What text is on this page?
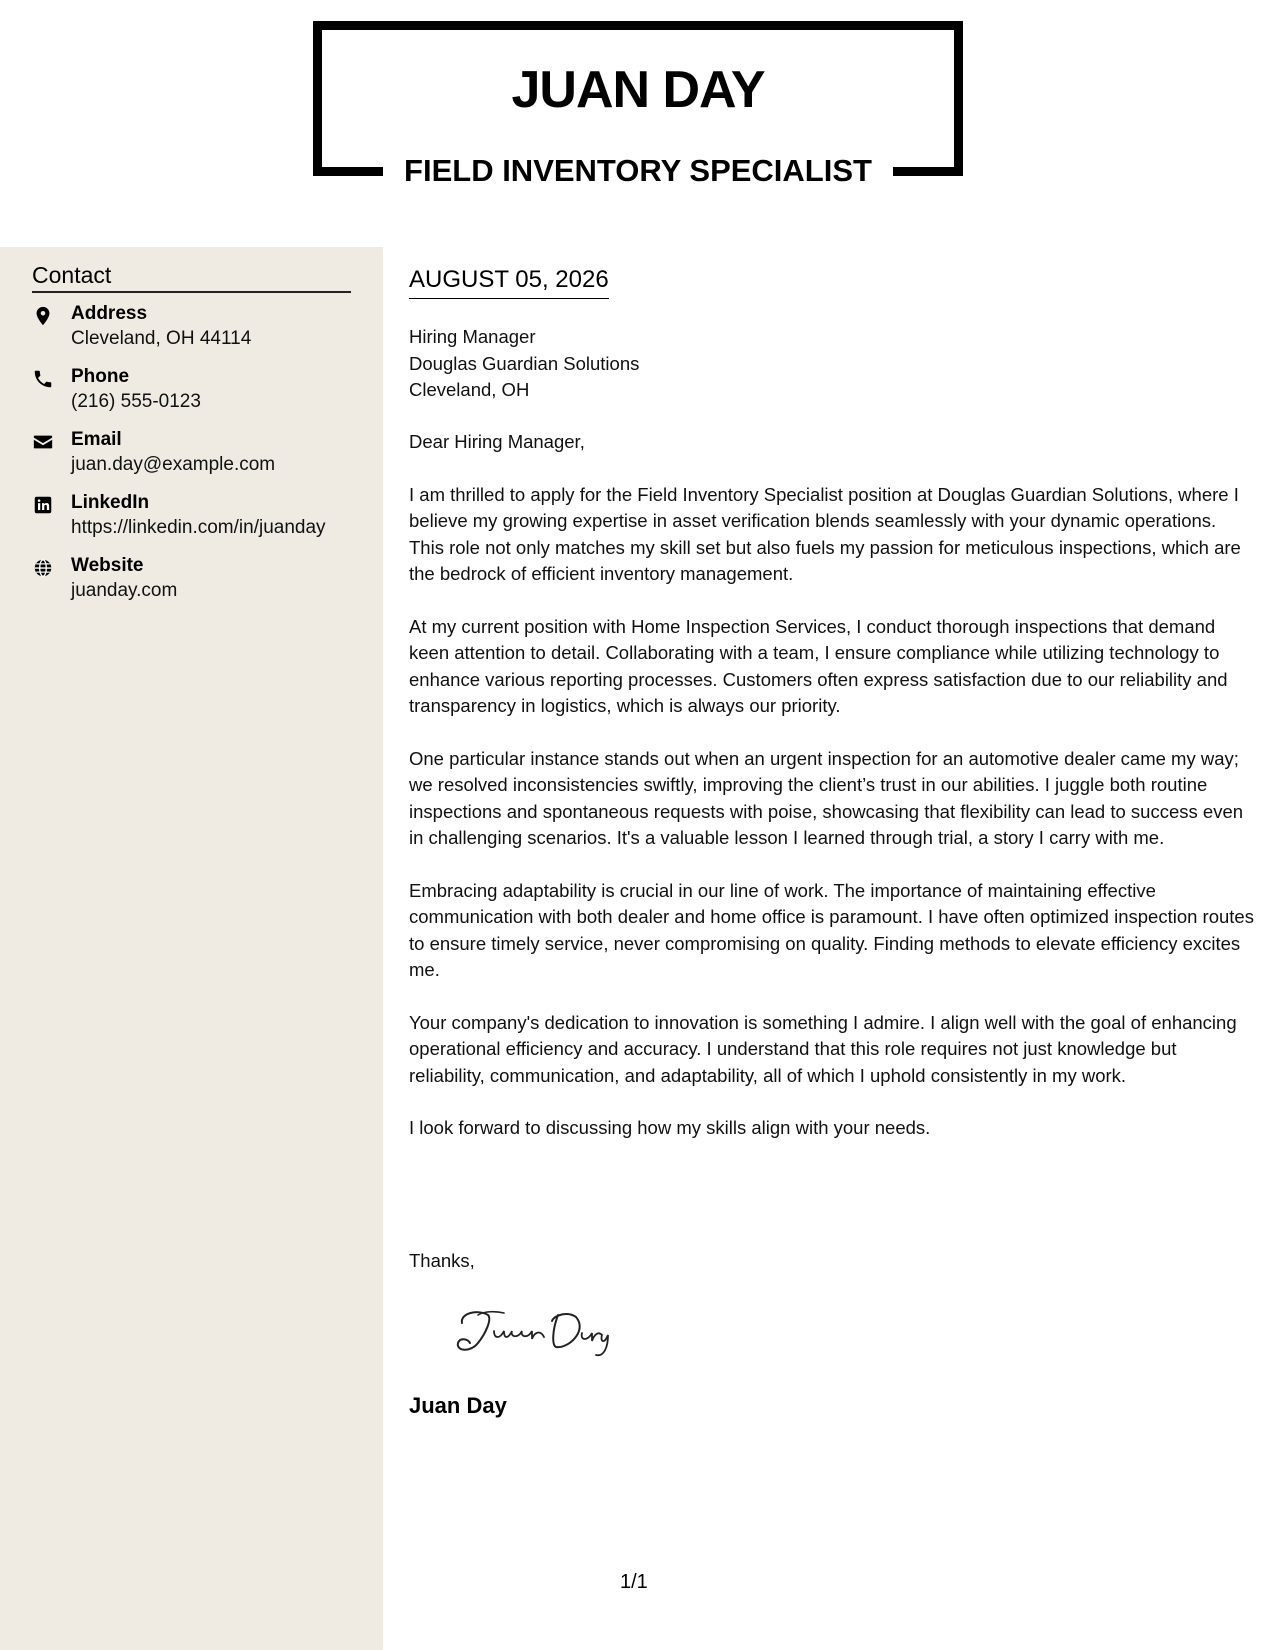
JUAN DAY
FIELD INVENTORY SPECIALIST
Contact
Address
Cleveland, OH 44114
Phone
(216) 555-0123
Email
juan.day@example.com
LinkedIn
https://linkedin.com/in/juanday
Website
juanday.com
AUGUST 05, 2026
Hiring Manager
Douglas Guardian Solutions
Cleveland, OH

Dear Hiring Manager,

I am thrilled to apply for the Field Inventory Specialist position at Douglas Guardian Solutions, where I believe my growing expertise in asset verification blends seamlessly with your dynamic operations. This role not only matches my skill set but also fuels my passion for meticulous inspections, which are the bedrock of efficient inventory management.

At my current position with Home Inspection Services, I conduct thorough inspections that demand keen attention to detail. Collaborating with a team, I ensure compliance while utilizing technology to enhance various reporting processes. Customers often express satisfaction due to our reliability and transparency in logistics, which is always our priority.

One particular instance stands out when an urgent inspection for an automotive dealer came my way; we resolved inconsistencies swiftly, improving the client’s trust in our abilities. I juggle both routine inspections and spontaneous requests with poise, showcasing that flexibility can lead to success even in challenging scenarios. It's a valuable lesson I learned through trial, a story I carry with me.

Embracing adaptability is crucial in our line of work. The importance of maintaining effective communication with both dealer and home office is paramount. I have often optimized inspection routes to ensure timely service, never compromising on quality. Finding methods to elevate efficiency excites me.

Your company's dedication to innovation is something I admire. I align well with the goal of enhancing operational efficiency and accuracy. I understand that this role requires not just knowledge but reliability, communication, and adaptability, all of which I uphold consistently in my work.

I look forward to discussing how my skills align with your needs.

Thanks,
Juan Day
1/1
